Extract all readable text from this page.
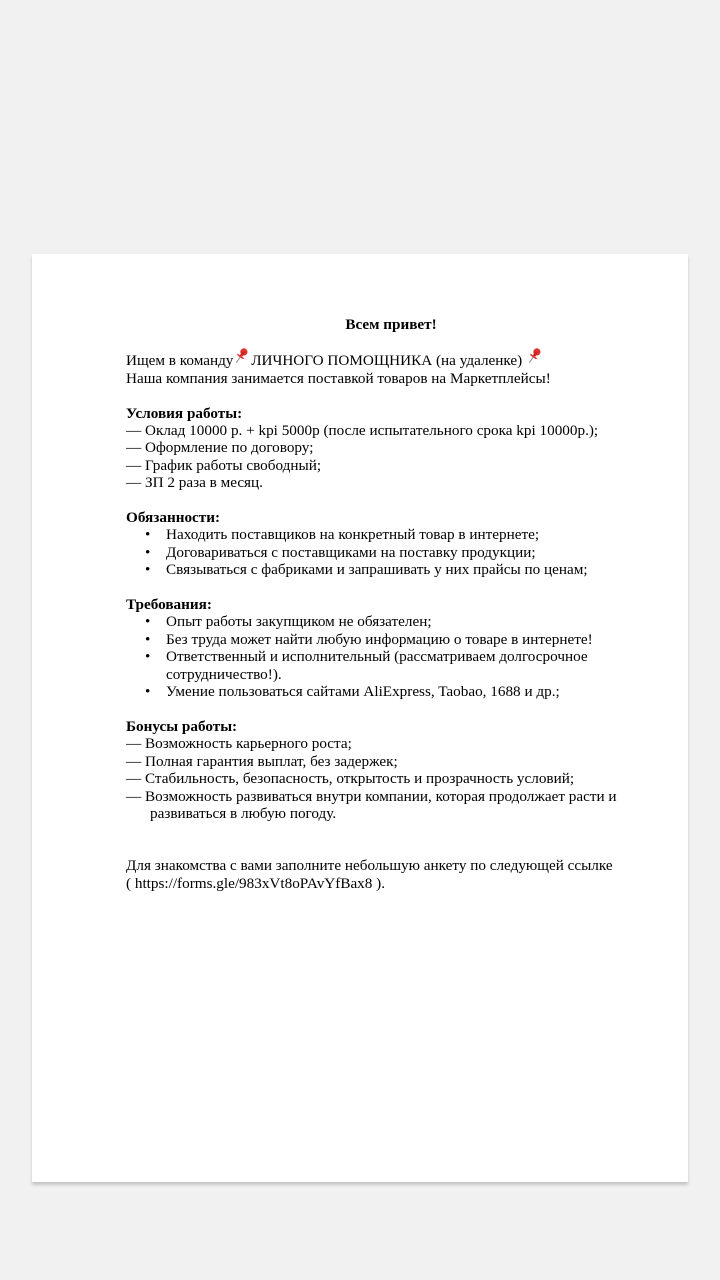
Всем привет!
Ищем в команду
ЛИЧНОГО ПОМОЩНИКА (на удаленке)
Наша компания занимается поставкой товаров на Маркетплейсы!
Условия работы:
— Оклад 10000 р. + kpi 5000р (после испытательного срока kpi 10000р.);
— Оформление по договору;
— График работы свободный;
— ЗП 2 раза в месяц.
Обязанности:
• Находить поставщиков на конкретный товар в интернете;
• Договариваться с поставщиками на поставку продукции;
• Связываться с фабриками и запрашивать у них прайсы по ценам;
Требования:
• Опыт работы закупщиком не обязателен;
• Без труда может найти любую информацию о товаре в интернете!
• Ответственный и исполнительный (рассматриваем долгосрочное сотрудничество!).
• Умение пользоваться сайтами AliExpress, Taobao, 1688 и др.;
Бонусы работы:
— Возможность карьерного роста;
— Полная гарантия выплат, без задержек;
— Стабильность, безопасность, открытость и прозрачность условий;
— Возможность развиваться внутри компании, которая продолжает расти и
развиваться в любую погоду.
Для знакомства с вами заполните небольшую анкету по следующей ссылке
( https://forms.gle/983xVt8oPAvYfBax8 ).
